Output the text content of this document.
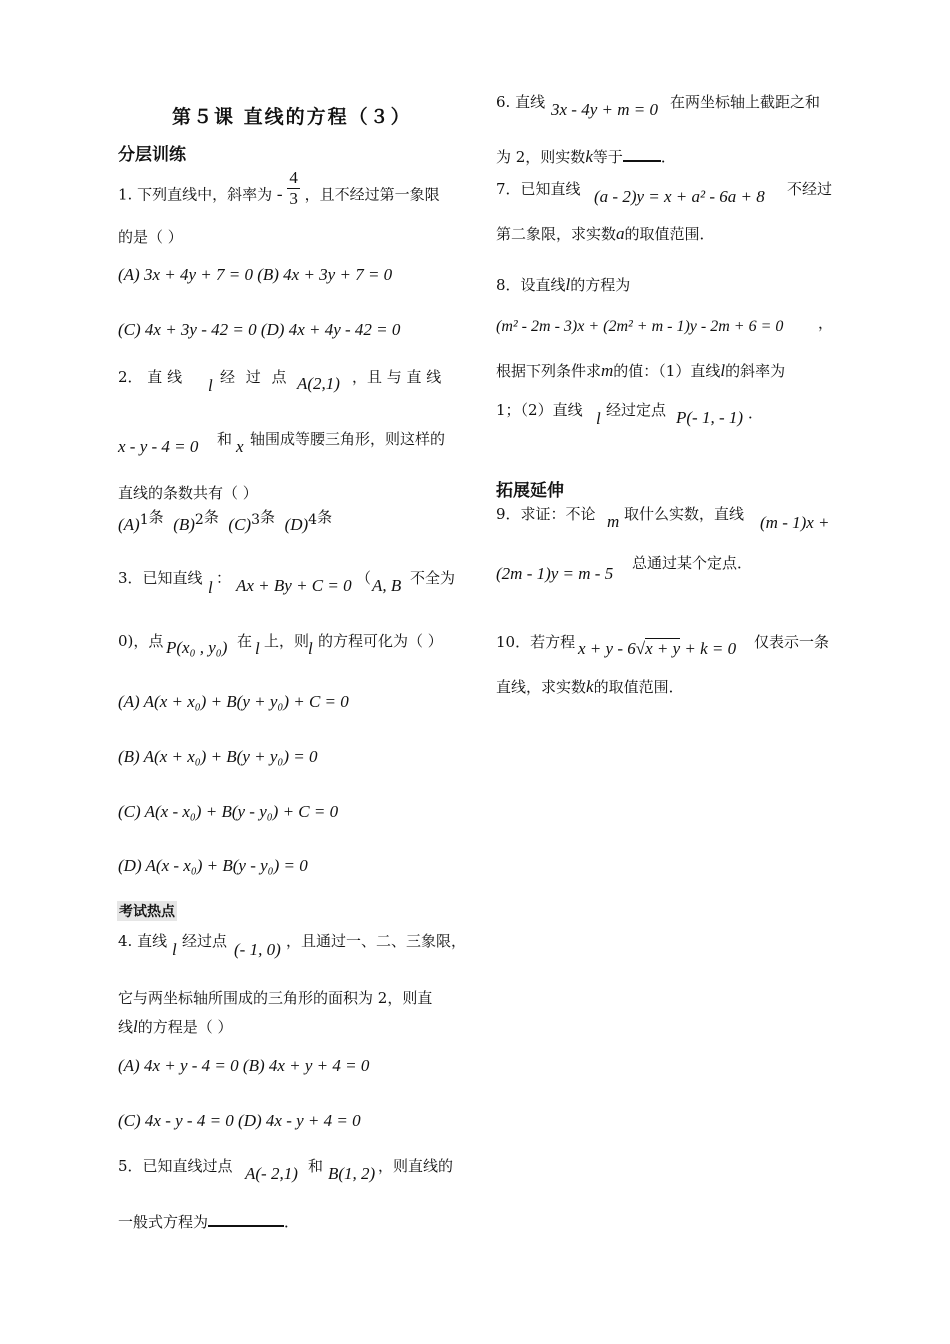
第５课 直线的方程（３）
分层训练
1. 下列直线中，斜率为 - $\frac{4}{3}$ ，且不经过第一象限
的是（ ）
(A) 3x + 4y + 7 = 0 (B) 4x + 3y + 7 = 0
(C) 4x + 3y - 42 = 0 (D) 4x + 4y - 42 = 0
2． 直 线 l 经 过 点 A(2,1) ，且 与 直 线
x - y - 4 = 0 和 x 轴围成等腰三角形，则这样的
直线的条数共有（ ）
(A)1条 (B)2条 (C)3条 (D)4条
3．已知直线 l ： Ax + By + C = 0 （ A, B 不全为
0)，点 P(x₀ , y₀) 在 l 上，则
l 的方程可化为（ ）
(A) A(x + x₀) + B(y + y₀) + C = 0
(B) A(x + x₀) + B(y + y₀) = 0
(C) A(x - x₀) + B(y - y₀) + C = 0
(D) A(x - x₀) + B(y - y₀) = 0
考试热点
4. 直线 l 经过点 (- 1, 0) ，且通过一、二、三象限，
它与两坐标轴所围成的三角形的面积为 2，则直
线l的方程是（ ）
(A) 4x + y - 4 = 0 (B) 4x + y + 4 = 0
(C) 4x - y - 4 = 0 (D) 4x - y + 4 = 0
5．已知直线过点 A(- 2,1) 和 B(1, 2) ，则直线的
一般式方程为	．
6. 直线 3x - 4y + m = 0 在两坐标轴上截距之和
为 2，则实数k等于	．
7．已知直线 (a - 2)y = x + a² - 6a + 8 不经过
第二象限，求实数a的取值范围．
8．设直线l的方程为
(m² - 2m - 3)x + (2m² + m - 1)y - 2m + 6 = 0 ，
根据下列条件求m的值：（1）直线l的斜率为
1；（2）直线 l 经过定点 P(- 1, - 1) ．
拓展延伸
9．求证：不论 m 取什么实数，直线 (m - 1)x +
(2m - 1)y = m - 5
总通过某个定点．
10．若方程 x + y - 6√x + y + k = 0 仅表示一条
直线，求实数k的取值范围．
